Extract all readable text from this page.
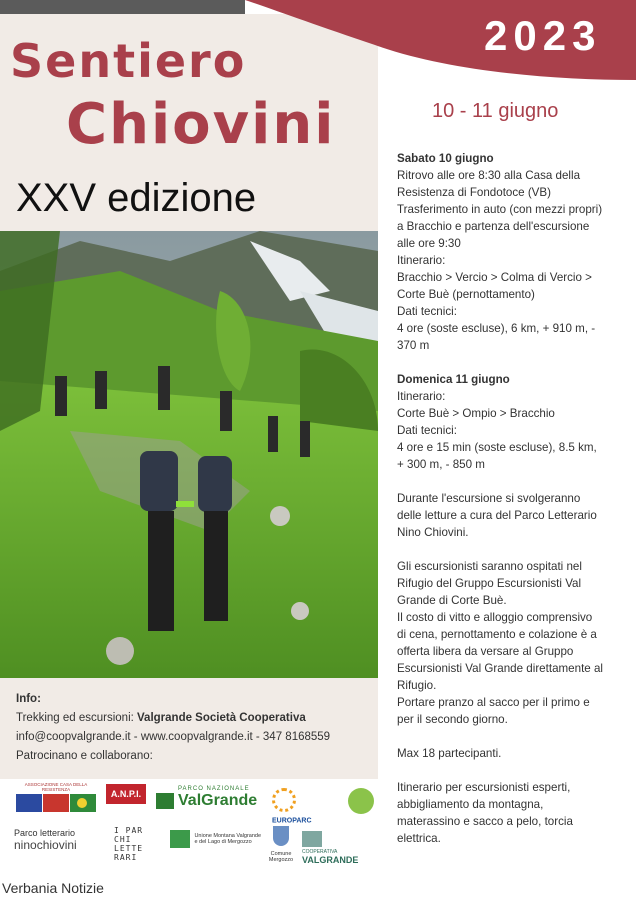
Sentiero
Chiovini
XXV edizione
Info:
Trekking ed escursioni: Valgrande Società Cooperativa
info@coopvalgrande.it - www.coopvalgrande.it - 347 8168559
Patrocinano e collaborano:
ASSOCIAZIONE CASA DELLA RESISTENZA	A.N.P.I.	PARCO NAZIONALE
ValGrande
EUROPARC
Parco letterario
ninochiovini
I PAR CHI LETTE RARI

Unione Montana Valgrande
e del Lago di Mergozzo
Comune Mergozzo

COOPERATIVA
VALGRANDE
Verbania Notizie
2023
10 - 11 giugno

Sabato 10 giugno
Ritrovo alle ore 8:30 alla Casa della
Resistenza di Fondotoce (VB)
Trasferimento in auto (con mezzi propri)
a Bracchio e partenza dell'escursione
alle ore 9:30
Itinerario:
Bracchio > Vercio > Colma di Vercio >
Corte Buè (pernottamento)
Dati tecnici:
4 ore (soste escluse), 6 km, + 910 m, -
370 m

Domenica 11 giugno
Itinerario:
Corte Buè > Ompio > Bracchio
Dati tecnici:
4 ore e 15 min (soste escluse), 8.5 km,
+ 300 m, - 850 m

Durante l'escursione si svolgeranno
delle letture a cura del Parco Letterario
Nino Chiovini.

Gli escursionisti saranno ospitati nel
Rifugio del Gruppo Escursionisti Val
Grande di Corte Buè.
Il costo di vitto e alloggio comprensivo
di cena, pernottamento e colazione è a
offerta libera da versare al Gruppo
Escursionisti Val Grande direttamente al
Rifugio.
Portare pranzo al sacco per il primo e
per il secondo giorno.

Max 18 partecipanti.

Itinerario per escursionisti esperti,
abbigliamento da montagna,
materassino e sacco a pelo, torcia
elettrica.
